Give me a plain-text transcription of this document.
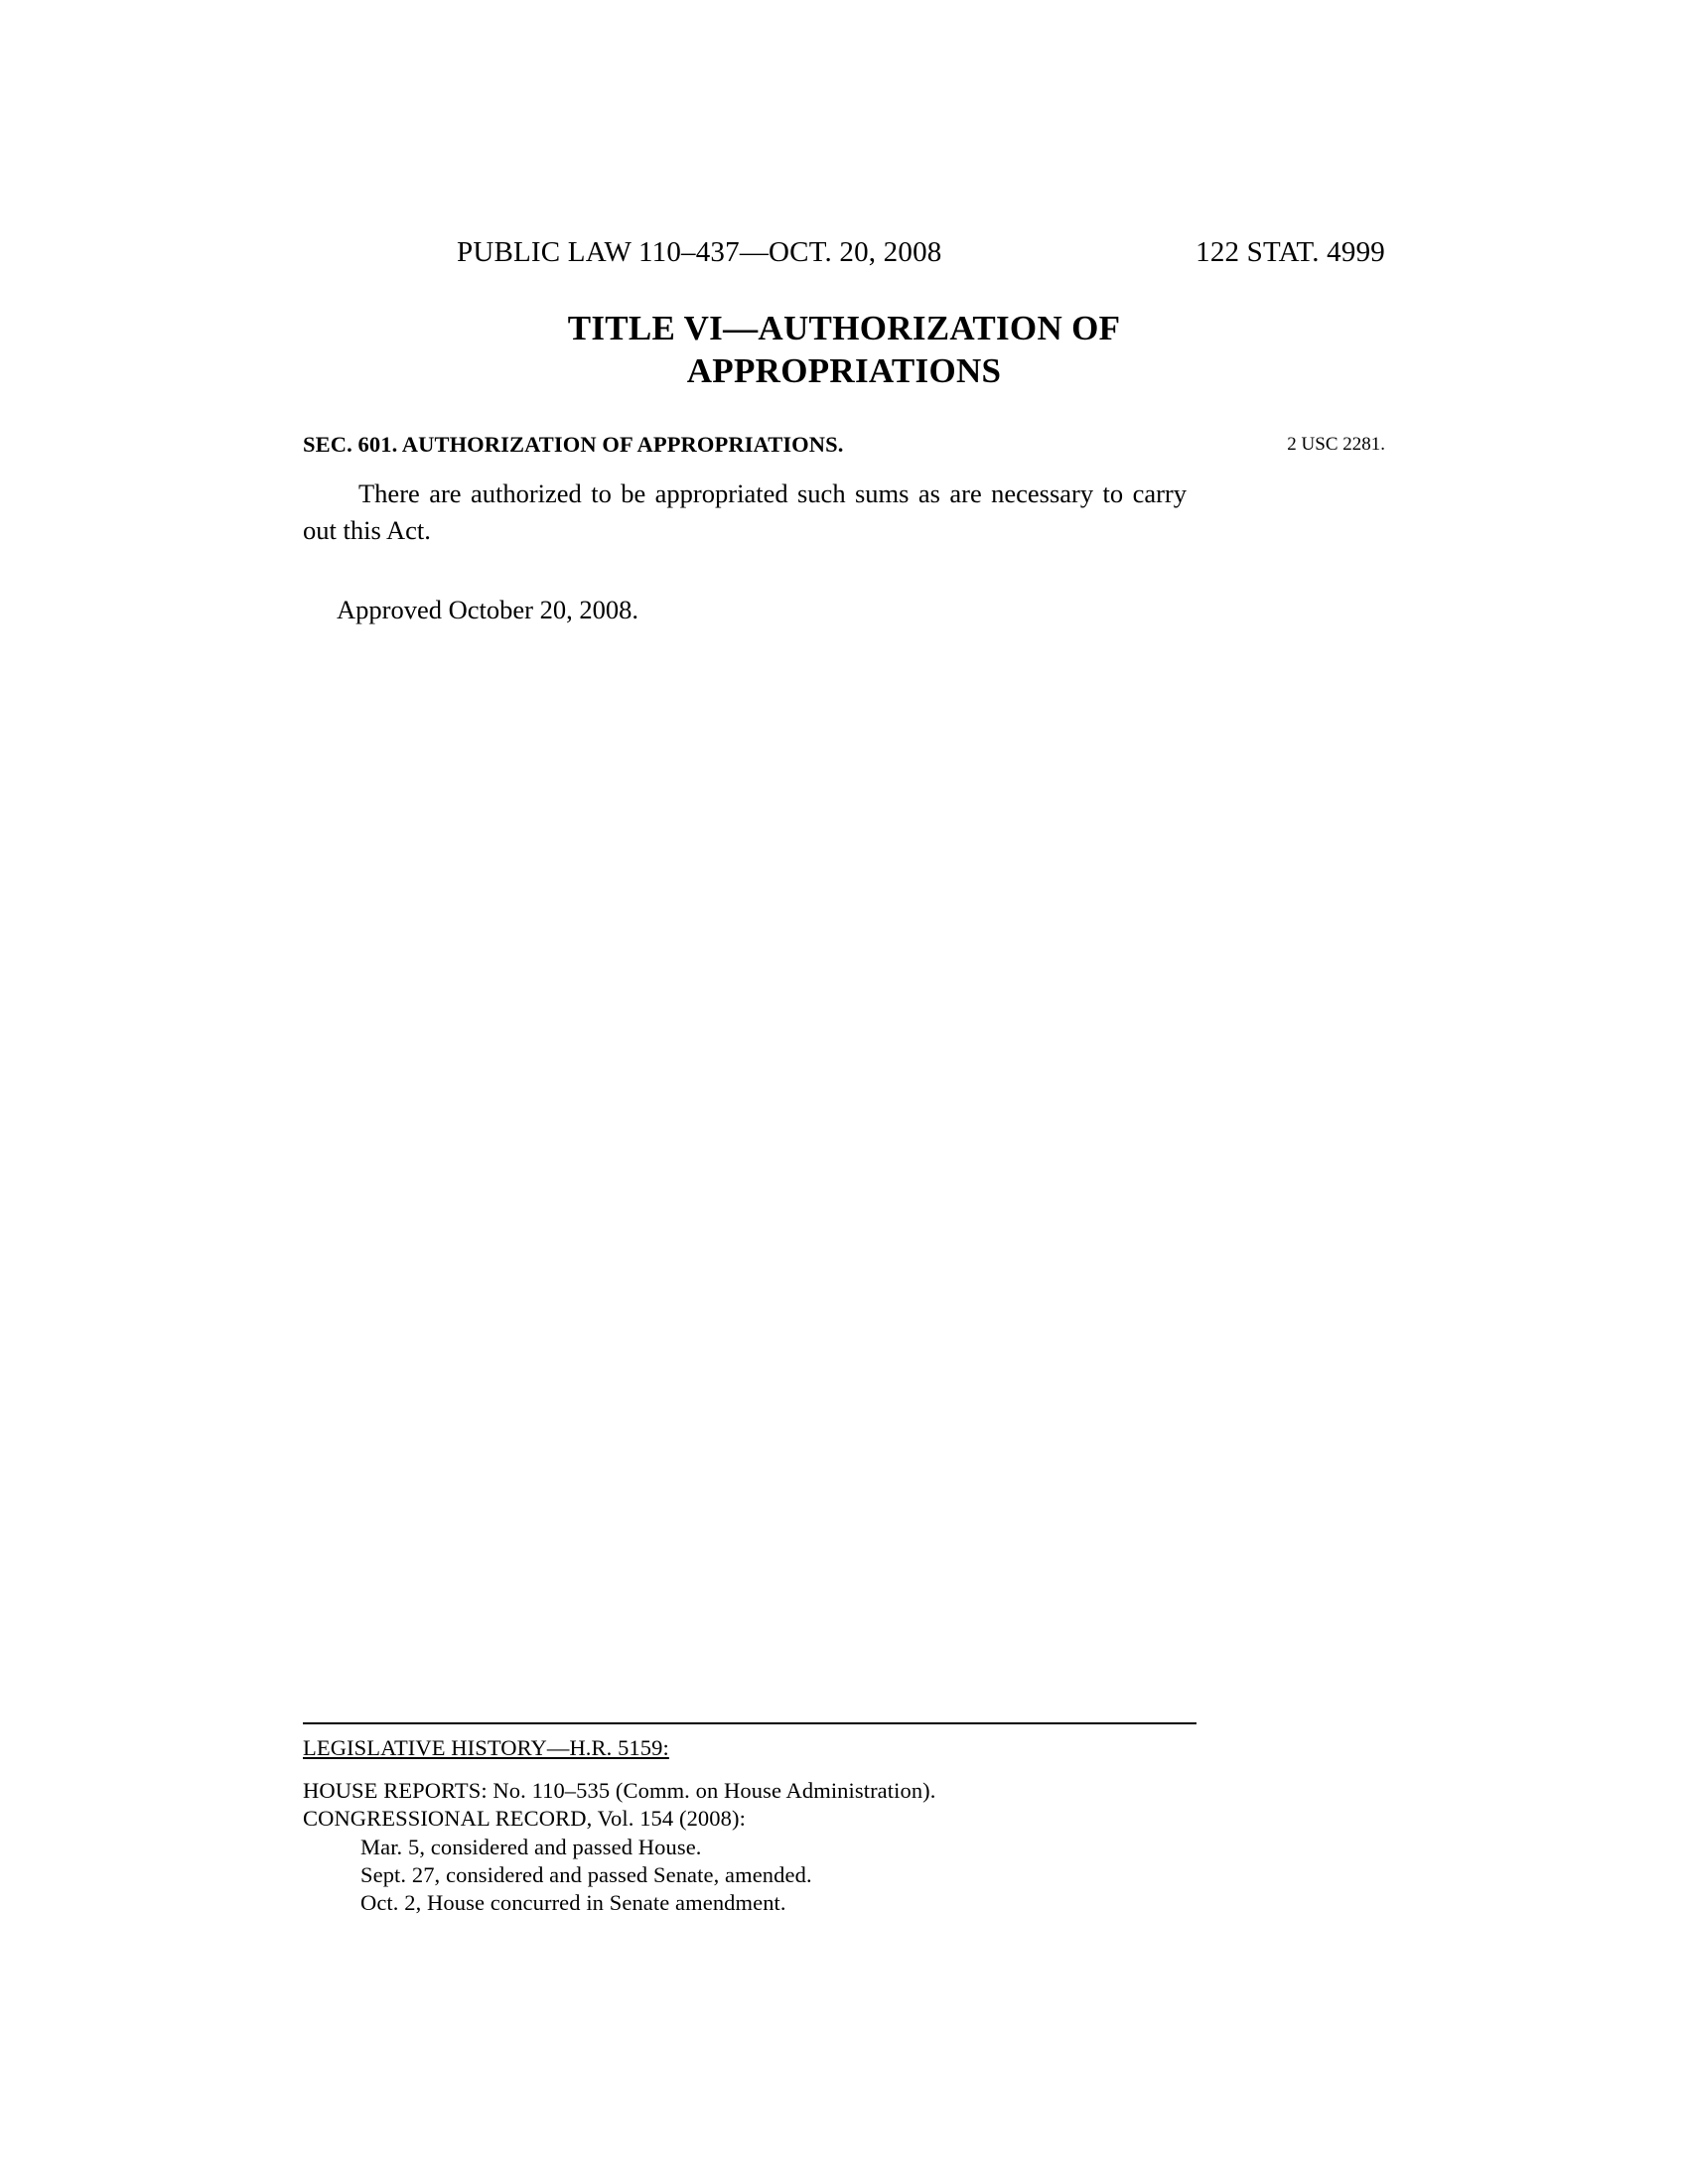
PUBLIC LAW 110–437—OCT. 20, 2008	122 STAT. 4999
TITLE VI—AUTHORIZATION OF
APPROPRIATIONS
SEC. 601. AUTHORIZATION OF APPROPRIATIONS.	2 USC 2281.
There are authorized to be appropriated such sums as are necessary to carry out this Act.
Approved October 20, 2008.
LEGISLATIVE HISTORY—H.R. 5159:
HOUSE REPORTS: No. 110–535 (Comm. on House Administration).
CONGRESSIONAL RECORD, Vol. 154 (2008):
Mar. 5, considered and passed House.
Sept. 27, considered and passed Senate, amended.
Oct. 2, House concurred in Senate amendment.
